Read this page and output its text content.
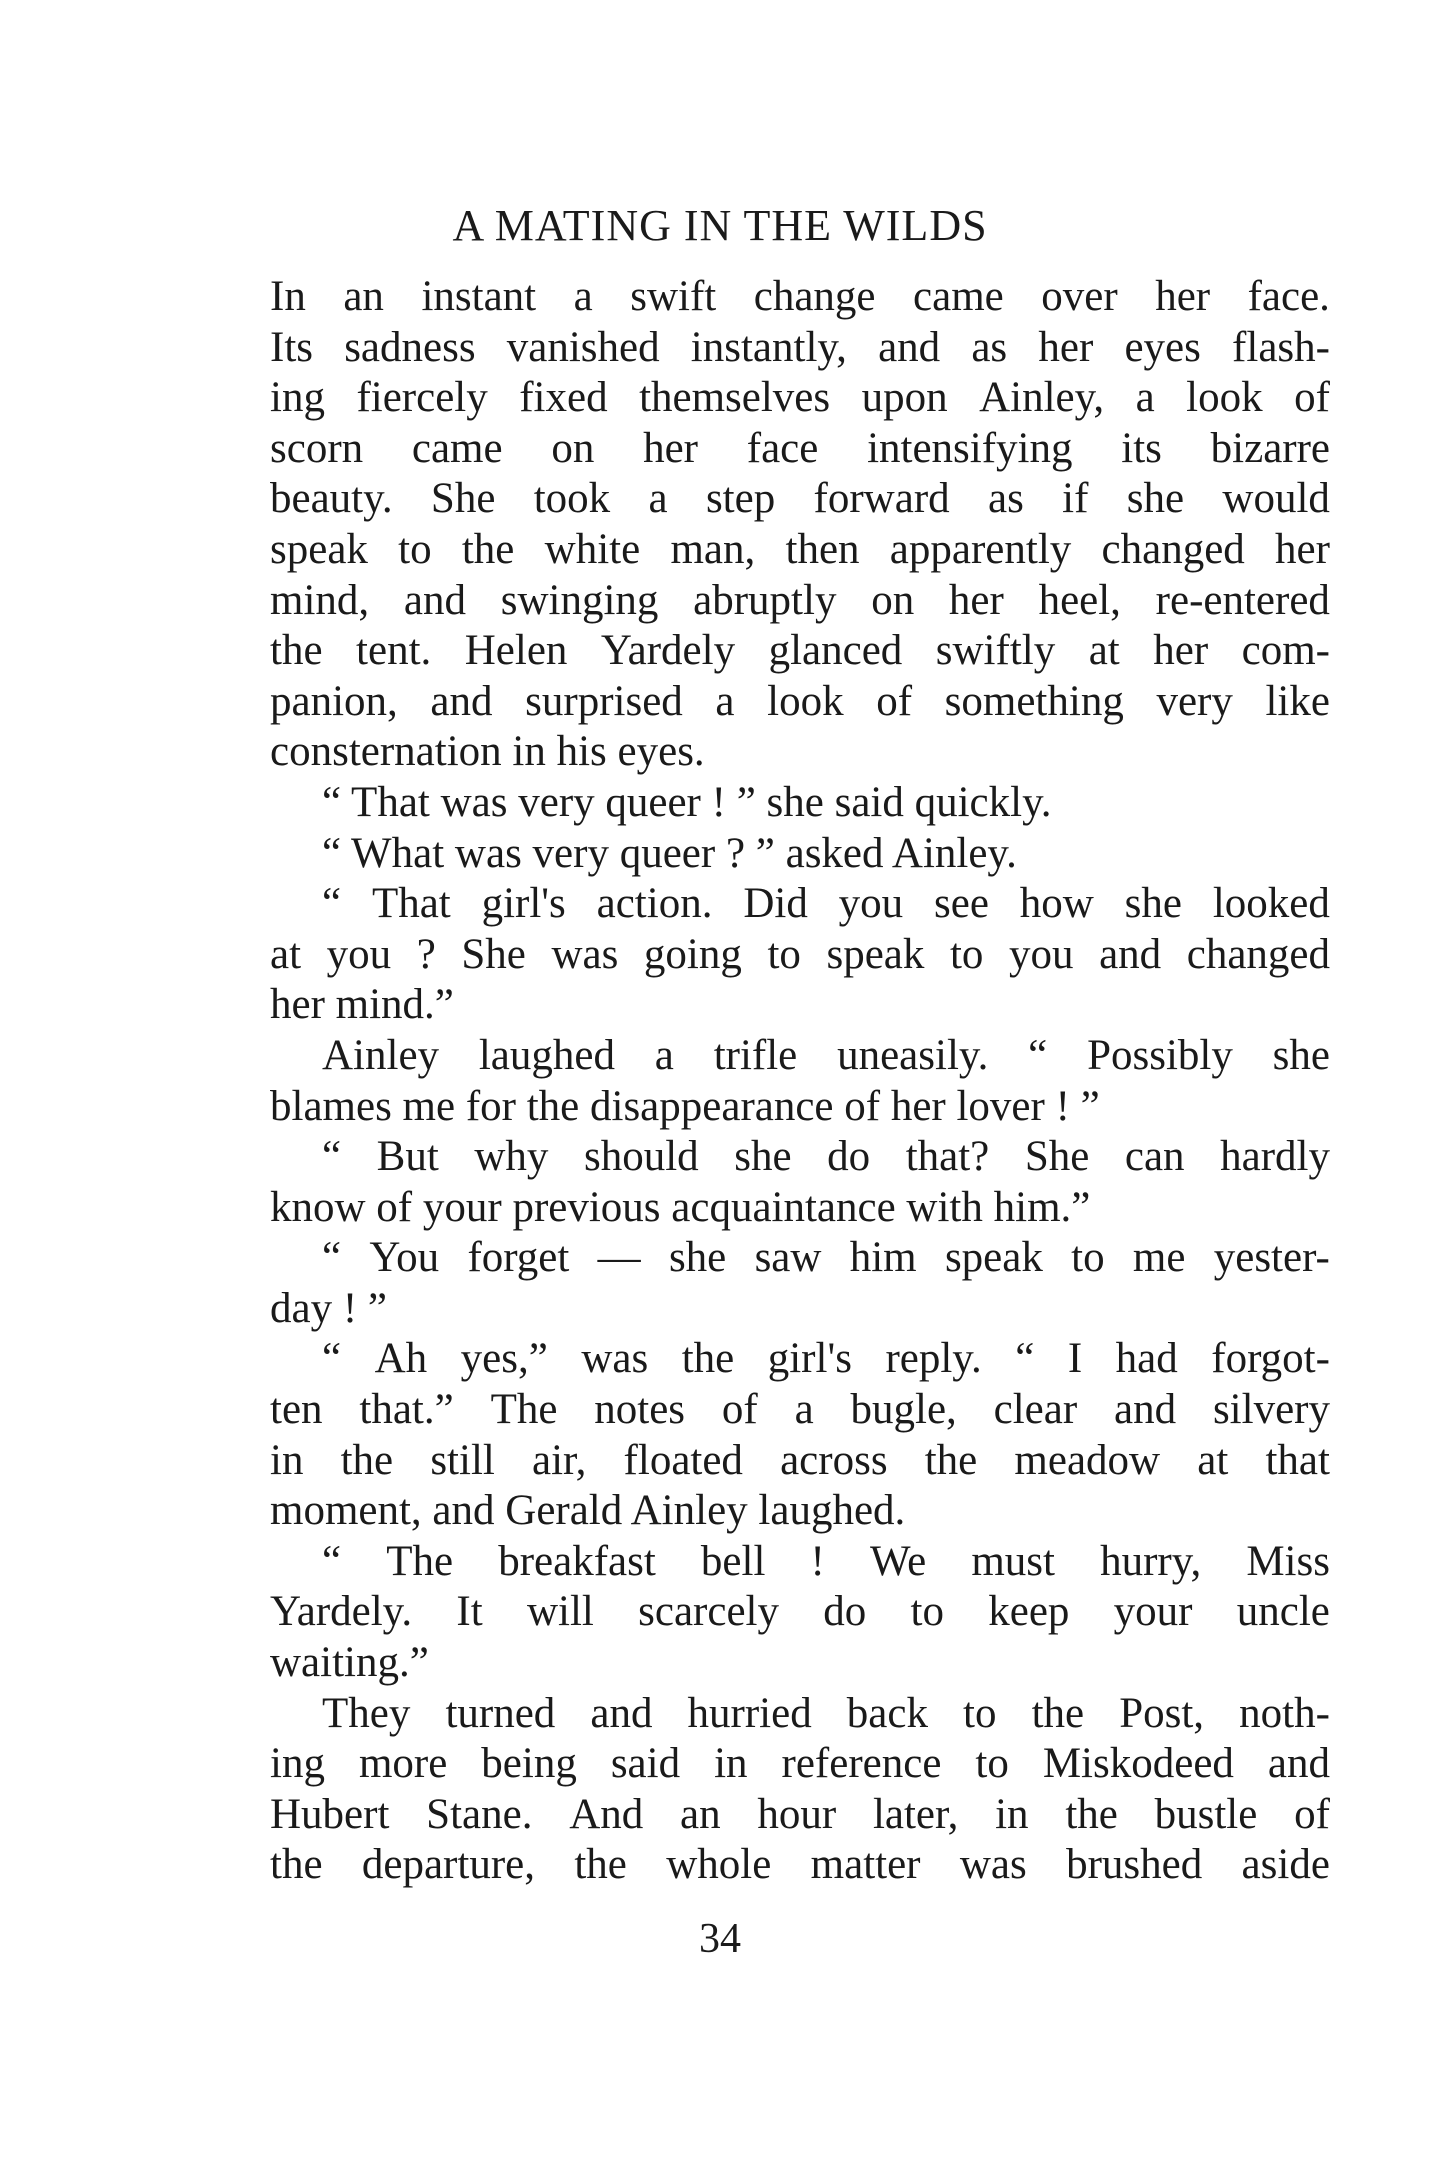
A MATING IN THE WILDS
In an instant a swift change came over her face.
Its sadness vanished instantly, and as her eyes flash-
ing fiercely fixed themselves upon Ainley, a look of
scorn came on her face intensifying its bizarre
beauty. She took a step forward as if she would
speak to the white man, then apparently changed her
mind, and swinging abruptly on her heel, re-entered
the tent. Helen Yardely glanced swiftly at her com-
panion, and surprised a look of something very like
consternation in his eyes.
“ That was very queer ! ” she said quickly.
“ What was very queer ? ” asked Ainley.
“ That girl's action. Did you see how she looked
at you ? She was going to speak to you and changed
her mind.”
Ainley laughed a trifle uneasily. “ Possibly she
blames me for the disappearance of her lover ! ”
“ But why should she do that? She can hardly
know of your previous acquaintance with him.”
“ You forget — she saw him speak to me yester-
day ! ”
“ Ah yes,” was the girl's reply. “ I had forgot-
ten that.” The notes of a bugle, clear and silvery
in the still air, floated across the meadow at that
moment, and Gerald Ainley laughed.
“ The breakfast bell ! We must hurry, Miss
Yardely. It will scarcely do to keep your uncle
waiting.”
They turned and hurried back to the Post, noth-
ing more being said in reference to Miskodeed and
Hubert Stane. And an hour later, in the bustle of
the departure, the whole matter was brushed aside
34
